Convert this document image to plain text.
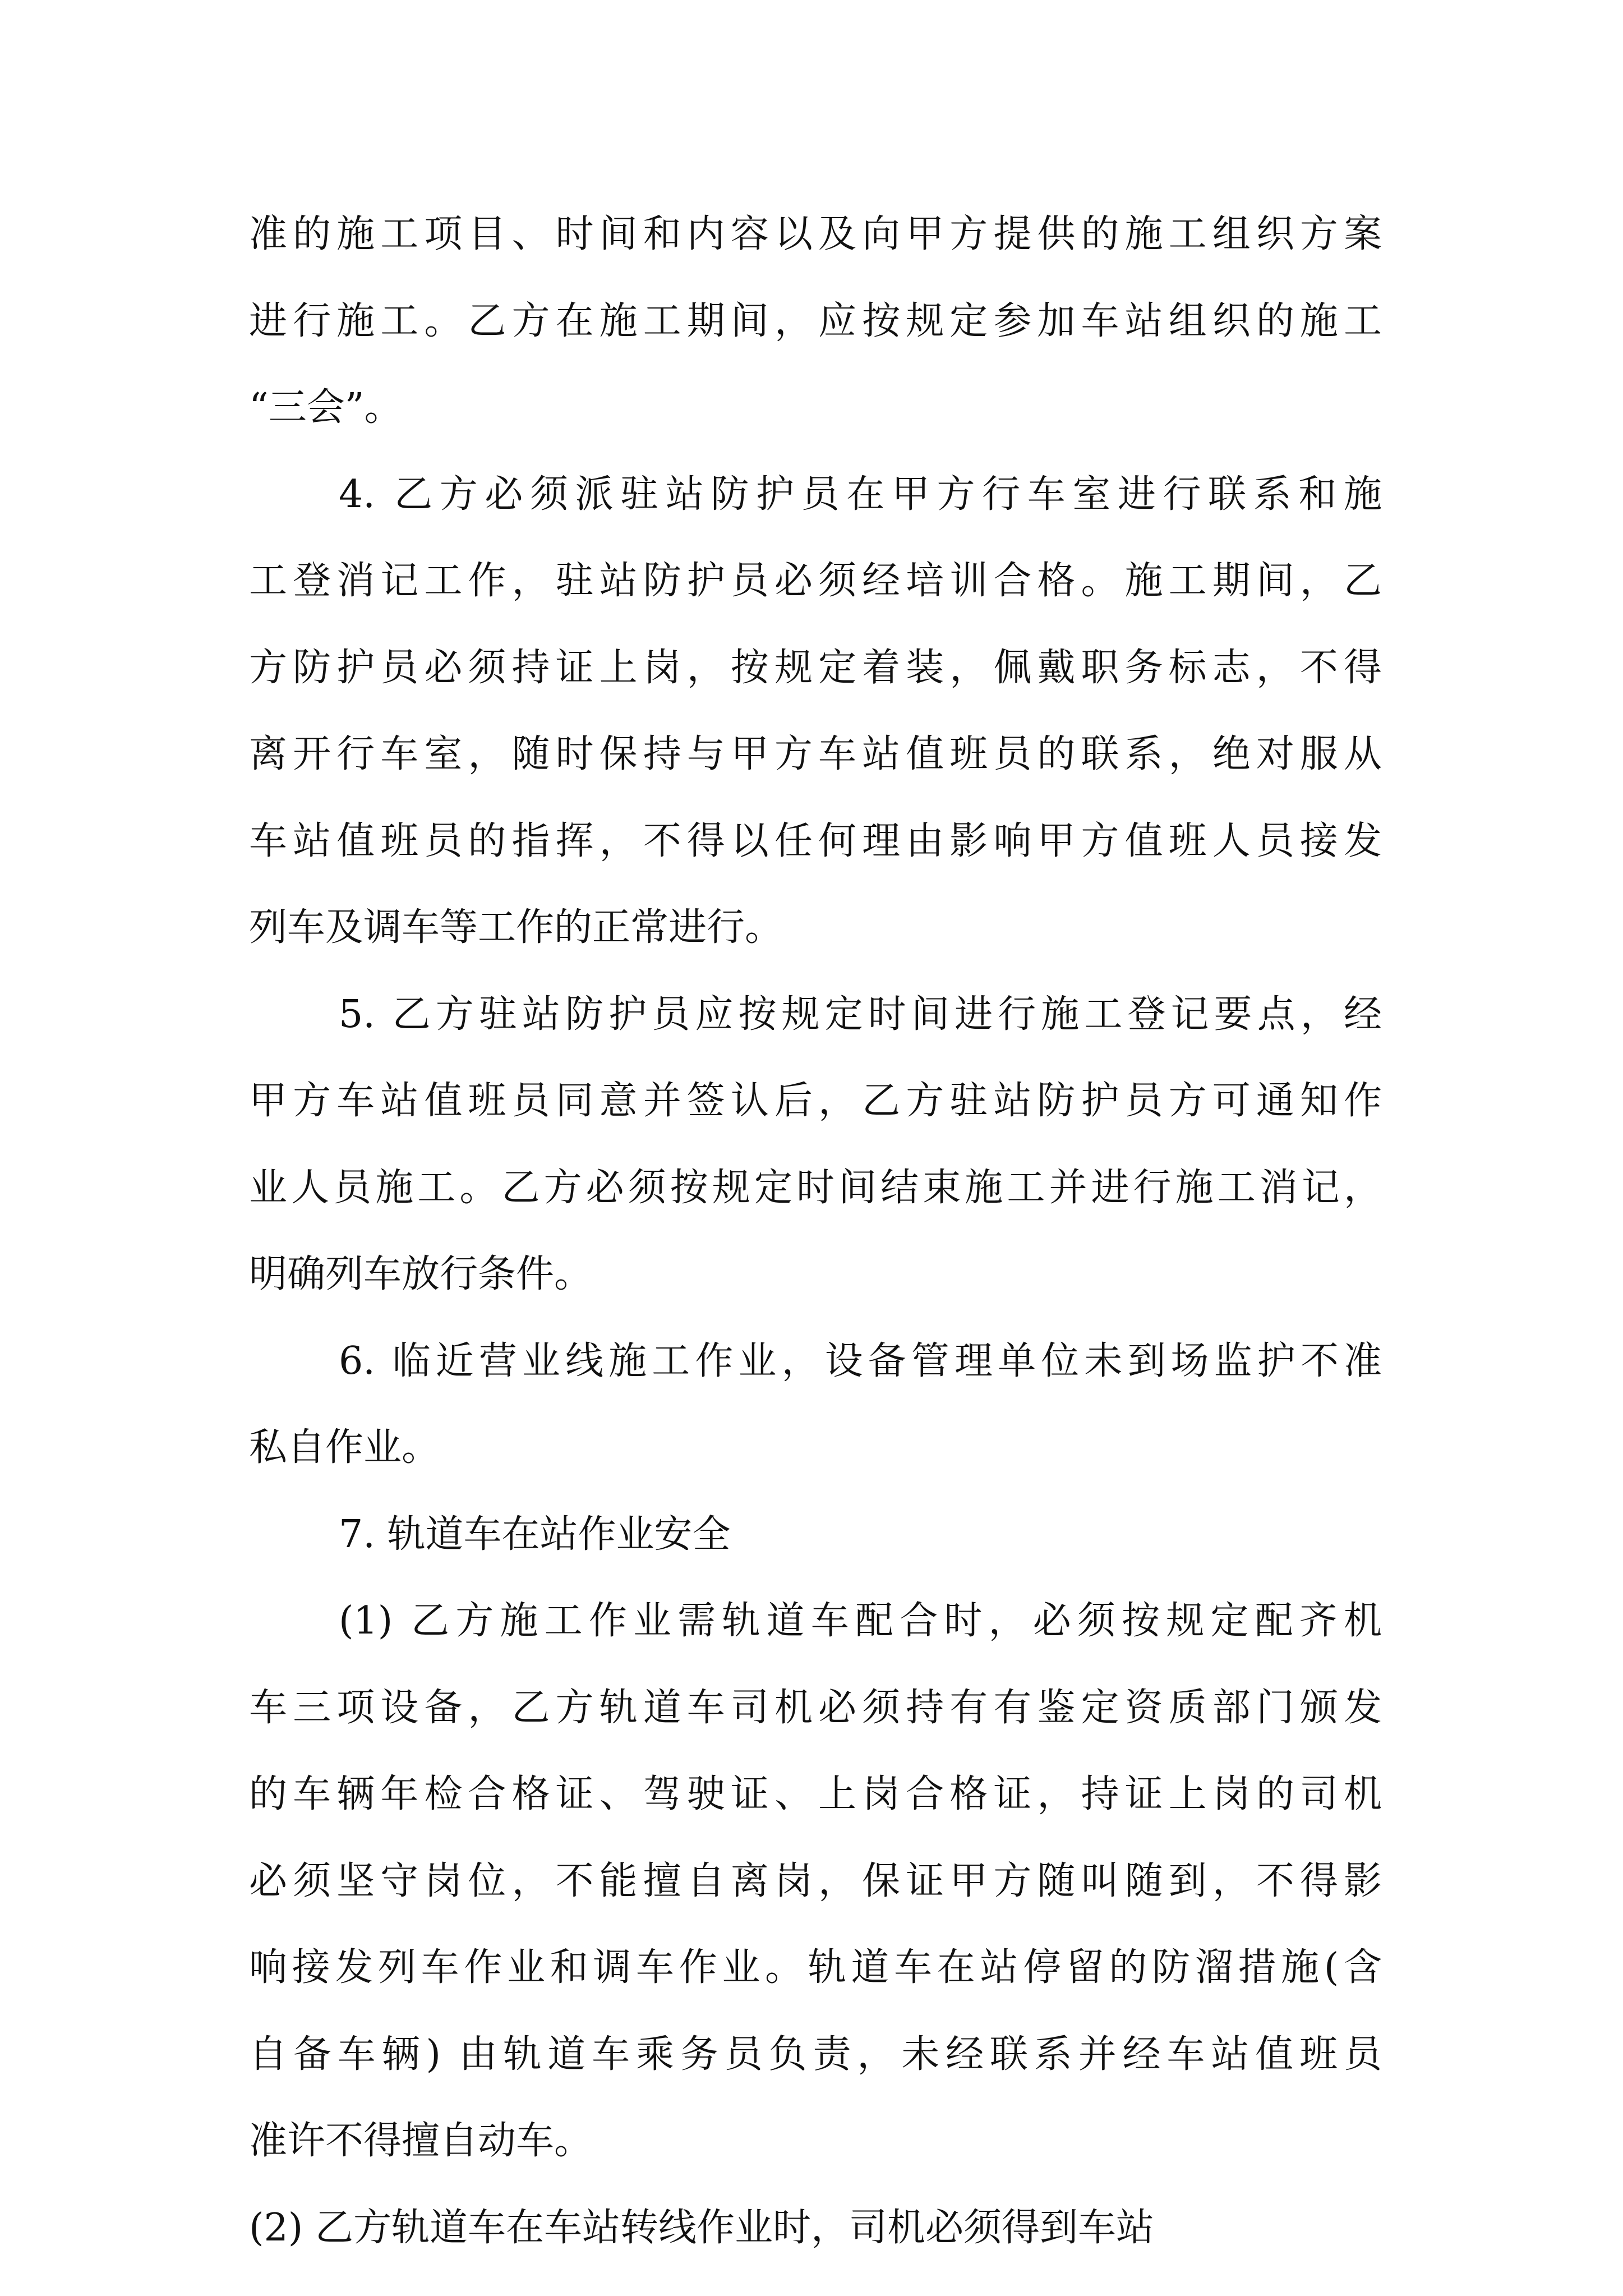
准的施工项目、时间和内容以及向甲方提供的施工组织方案
进行施工。乙方在施工期间，应按规定参加车站组织的施工
“三会”。
4. 乙方必须派驻站防护员在甲方行车室进行联系和施
工登消记工作，驻站防护员必须经培训合格。施工期间，乙
方防护员必须持证上岗，按规定着装，佩戴职务标志，不得
离开行车室，随时保持与甲方车站值班员的联系，绝对服从
车站值班员的指挥，不得以任何理由影响甲方值班人员接发
列车及调车等工作的正常进行。
5. 乙方驻站防护员应按规定时间进行施工登记要点，经
甲方车站值班员同意并签认后，乙方驻站防护员方可通知作
业人员施工。乙方必须按规定时间结束施工并进行施工消记，
明确列车放行条件。
6. 临近营业线施工作业，设备管理单位未到场监护不准
私自作业。
7. 轨道车在站作业安全
(1) 乙方施工作业需轨道车配合时，必须按规定配齐机
车三项设备，乙方轨道车司机必须持有有鉴定资质部门颁发
的车辆年检合格证、驾驶证、上岗合格证，持证上岗的司机
必须坚守岗位，不能擅自离岗，保证甲方随叫随到，不得影
响接发列车作业和调车作业。轨道车在站停留的防溜措施(含
自备车辆) 由轨道车乘务员负责，未经联系并经车站值班员
准许不得擅自动车。
(2) 乙方轨道车在车站转线作业时，司机必须得到车站
